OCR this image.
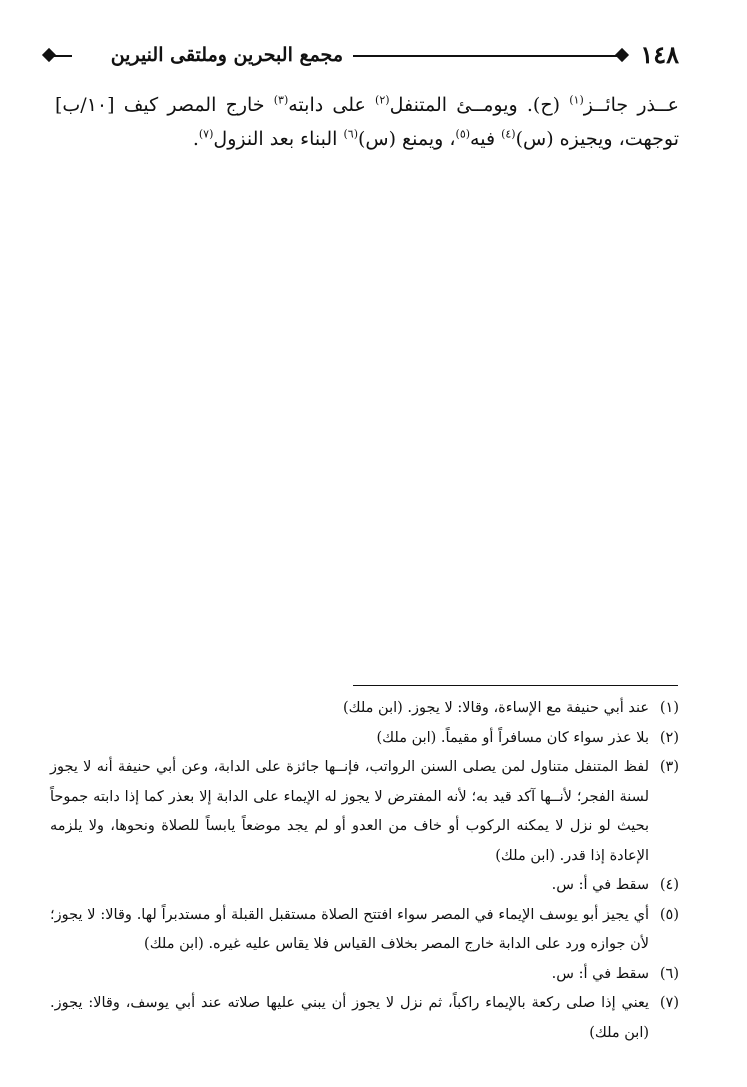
١٤٨
مجمع البحرين وملتقى النيرين
عــذر جائــز$^{(١)}$ (ح). ويومــئ المتنفل$^{(٢)}$ على دابته$^{(٣)}$ خارج المصر كيف [١٠/ب] توجهت، ويجيزه (س)$^{(٤)}$ فيه$^{(٥)}$، ويمنع (س)$^{(٦)}$ البناء بعد النزول$^{(٧)}$.
(١)
عند أبي حنيفة مع الإساءة، وقالا: لا يجوز. (ابن ملك)
(٢)
بلا عذر سواء كان مسافراً أو مقيماً. (ابن ملك)
(٣)
لفظ المتنفل متناول لمن يصلى السنن الرواتب، فإنــها جائزة على الدابة، وعن أبي حنيفة أنه لا يجوز لسنة الفجر؛ لأنــها آكد قيد به؛ لأنه المفترض لا يجوز له الإيماء على الدابة إلا بعذر كما إذا دابته جموحاً بحيث لو نزل لا يمكنه الركوب أو خاف من العدو أو لم يجد موضعاً يابساً للصلاة ونحوها، ولا يلزمه الإعادة إذا قدر. (ابن ملك)
(٤)
سقط في أ: س.
(٥)
أي يجيز أبو يوسف الإيماء في المصر سواء افتتح الصلاة مستقبل القبلة أو مستدبراً لها. وقالا: لا يجوز؛ لأن جوازه ورد على الدابة خارج المصر بخلاف القياس فلا يقاس عليه غيره. (ابن ملك)
(٦)
سقط في أ: س.
(٧)
يعني إذا صلى ركعة بالإيماء راكباً، ثم نزل لا يجوز أن يبني عليها صلاته عند أبي يوسف، وقالا: يجوز. (ابن ملك)
